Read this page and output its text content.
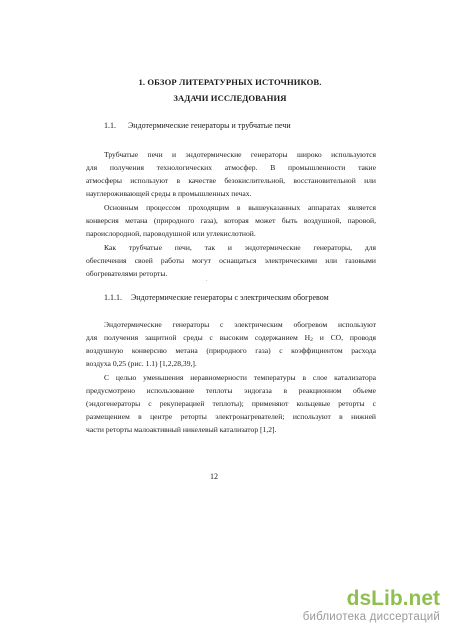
1. ОБЗОР ЛИТЕРАТУРНЫХ ИСТОЧНИКОВ.
ЗАДАЧИ ИССЛЕДОВАНИЯ
1.1. Эндотермические генераторы и трубчатые печи
Трубчатые печи и эндотермические генераторы широко используются
для получения технологических атмосфер. В промышленности такие
атмосферы используют в качестве безокислительной, восстановительной или
науглероживающей среды в промышленных печах.
Основным процессом проходящим в вышеуказанных аппаратах является
конверсия метана (природного газа), которая может быть воздушной, паровой,
пароислородной, пароводушной или углекислотной.
Как трубчатые печи, так и эндотермические генераторы, для
обеспечения своей работы могут оснащаться электрическими или газовыми
обогревателями реторты.
.
1.1.1. Эндотермические генераторы с электрическим обогревом
Эндотермические генераторы с электрическим обогревом используют
для получения защитной среды с высоким содержанием $H_2$ и CO, проводя
воздушную конверсию метана (природного газа) с коэффициентом расхода
воздуха 0,25 (рис. 1.1) [1,2,28,39,].
С целью уменьшения неравномерности температуры в слое катализатора
предусмотрено использование теплоты эндогаза в реакционном объеме
(эндогенераторы с рекуперацией теплоты); применяют кольцевые реторты с
размещением в центре реторты электронагревателей; используют в нижней
части реторты малоактивный никелевый катализатор [1,2].
12
dsLib.net
библиотека диссертаций
